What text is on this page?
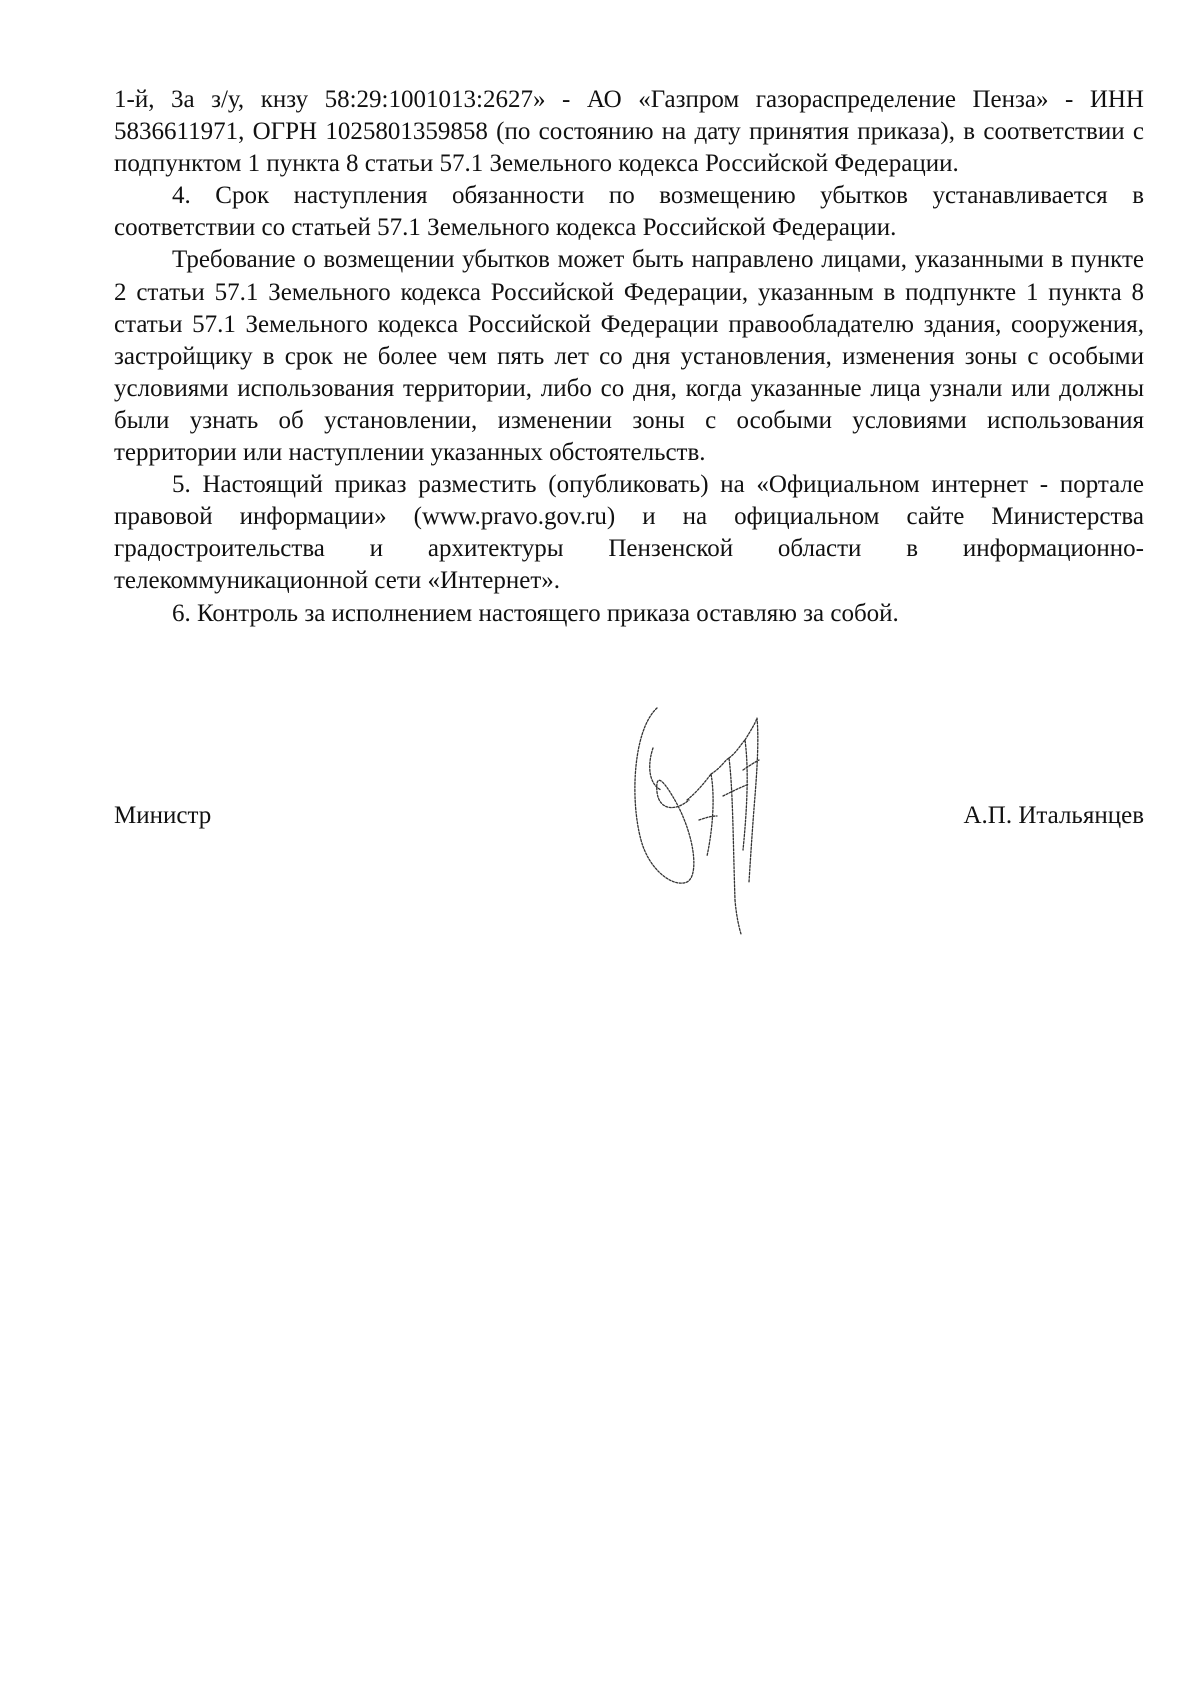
1-й, 3а з/у, кнзу 58:29:1001013:2627» - АО «Газпром газораспределение Пенза» - ИНН 5836611971, ОГРН 1025801359858 (по состоянию на дату принятия приказа), в соответствии с подпунктом 1 пункта 8 статьи 57.1 Земельного кодекса Российской Федерации.

4. Срок наступления обязанности по возмещению убытков устанавливается в соответствии со статьей 57.1 Земельного кодекса Российской Федерации.

Требование о возмещении убытков может быть направлено лицами, указанными в пункте 2 статьи 57.1 Земельного кодекса Российской Федерации, указанным в подпункте 1 пункта 8 статьи 57.1 Земельного кодекса Российской Федерации правообладателю здания, сооружения, застройщику в срок не более чем пять лет со дня установления, изменения зоны с особыми условиями использования территории, либо со дня, когда указанные лица узнали или должны были узнать об установлении, изменении зоны с особыми условиями использования территории или наступлении указанных обстоятельств.

5. Настоящий приказ разместить (опубликовать) на «Официальном интернет - портале правовой информации» (www.pravo.gov.ru) и на официальном сайте Министерства градостроительства и архитектуры Пензенской области в информационно-телекоммуникационной сети «Интернет».

6. Контроль за исполнением настоящего приказа оставляю за собой.

Министр	А.П. Итальянцев
